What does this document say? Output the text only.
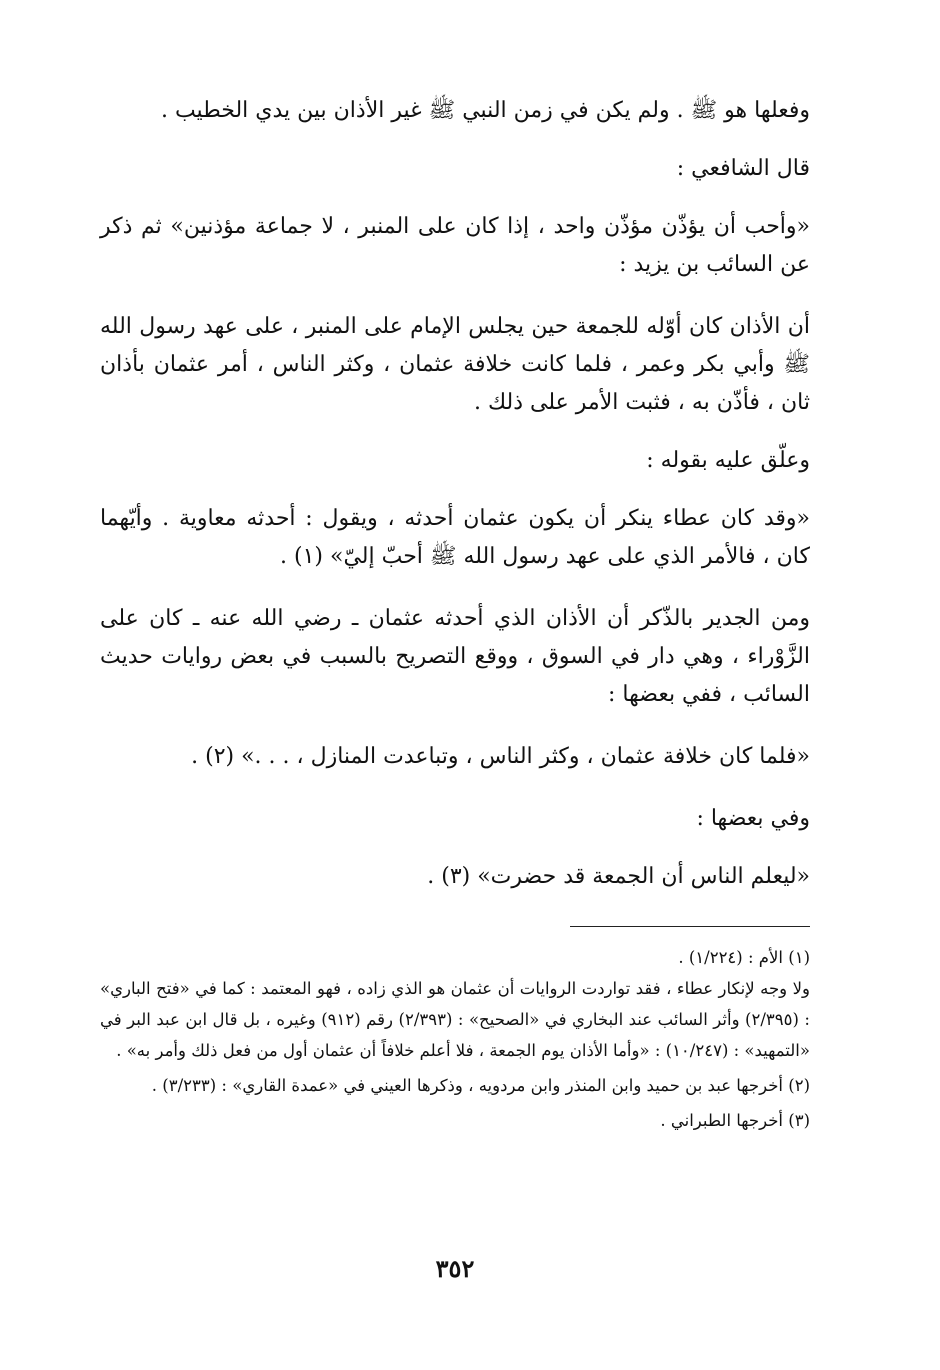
وفعلها هو ﷺ . ولم يكن في زمن النبي ﷺ غير الأذان بين يدي الخطيب .

قال الشافعي :

«وأحب أن يؤذّن مؤذّن واحد ، إذا كان على المنبر ، لا جماعة مؤذنين» ثم ذكر عن السائب بن يزيد :

أن الأذان كان أوّله للجمعة حين يجلس الإمام على المنبر ، على عهد رسول الله ﷺ وأبي بكر وعمر ، فلما كانت خلافة عثمان ، وكثر الناس ، أمر عثمان بأذان ثان ، فأذّن به ، فثبت الأمر على ذلك .

وعلّق عليه بقوله :

«وقد كان عطاء ينكر أن يكون عثمان أحدثه ، ويقول : أحدثه معاوية . وأيّهما كان ، فالأمر الذي على عهد رسول الله ﷺ أحبّ إليّ» (١) .

ومن الجدير بالذّكر أن الأذان الذي أحدثه عثمان ـ رضي الله عنه ـ كان على الزَّوْراء ، وهي دار في السوق ، ووقع التصريح بالسبب في بعض روايات حديث السائب ، ففي بعضها :

«فلما كان خلافة عثمان ، وكثر الناس ، وتباعدت المنازل ، . . .» (٢) .

وفي بعضها :

«ليعلم الناس أن الجمعة قد حضرت» (٣) .

(١) الأم : (١/٢٢٤) .

ولا وجه لإنكار عطاء ، فقد تواردت الروايات أن عثمان هو الذي زاده ، فهو المعتمد : كما في «فتح الباري» : (٢/٣٩٥) وأثر السائب عند البخاري في «الصحيح» : (٢/٣٩٣) رقم (٩١٢) وغيره ، بل قال ابن عبد البر في «التمهيد» : (١٠/٢٤٧) : «وأما الأذان يوم الجمعة ، فلا أعلم خلافاً أن عثمان أول من فعل ذلك وأمر به» .

(٢) أخرجها عبد بن حميد وابن المنذر وابن مردويه ، وذكرها العيني في «عمدة القاري» : (٣/٢٣٣) .

(٣) أخرجها الطبراني .

٣٥٢
